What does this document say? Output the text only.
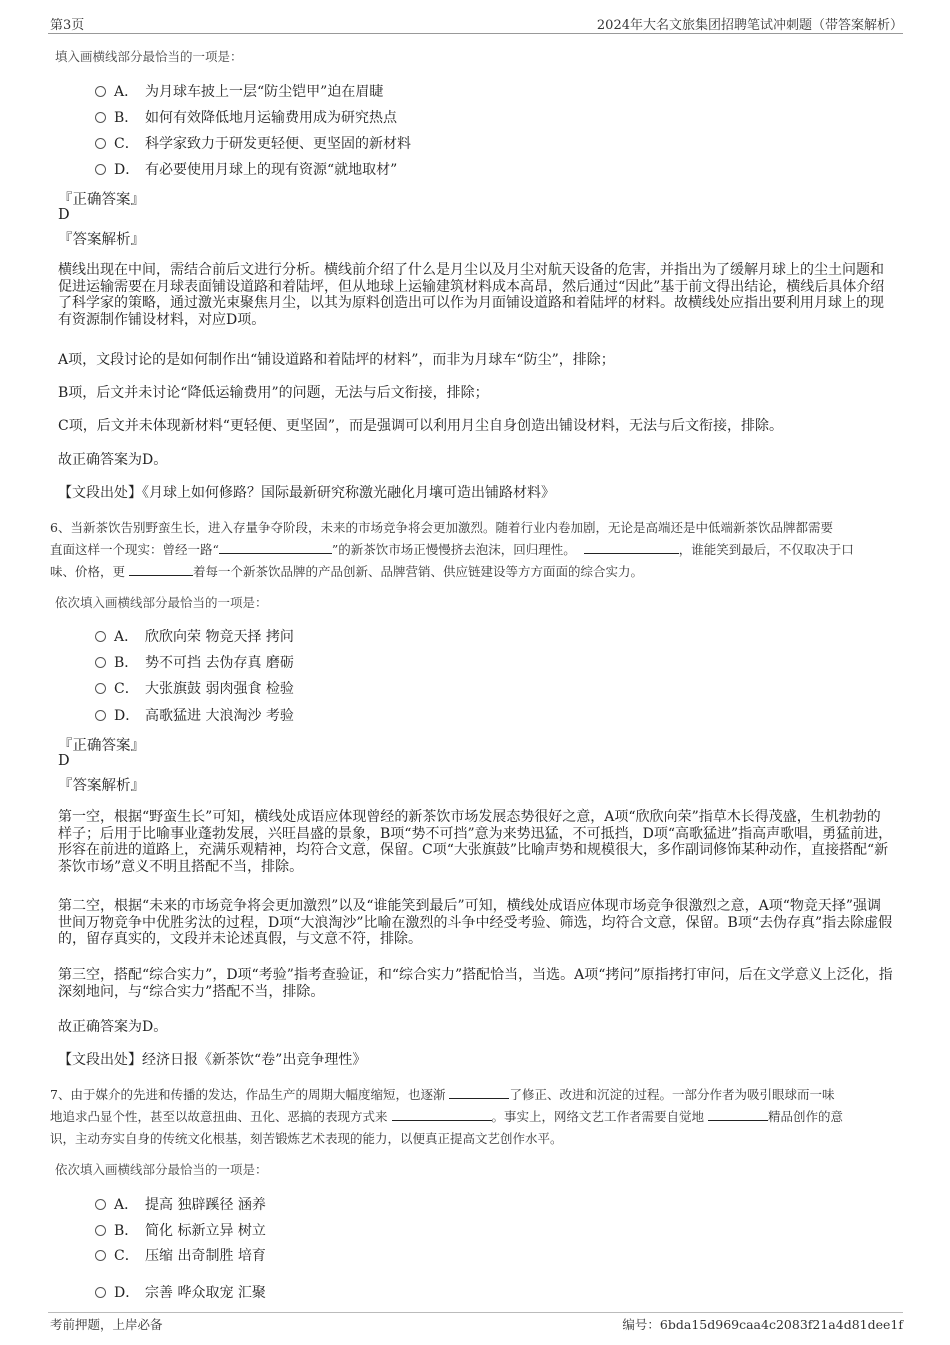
第3页	2024年大名文旅集团招聘笔试冲刺题（带答案解析）
填入画横线部分最恰当的一项是：
A． 为月球车披上一层“防尘铠甲”迫在眉睫
B． 如何有效降低地月运输费用成为研究热点
C． 科学家致力于研发更轻便、更坚固的新材料
D． 有必要使用月球上的现有资源“就地取材”
『正确答案』
D
『答案解析』
横线出现在中间，需结合前后文进行分析。横线前介绍了什么是月尘以及月尘对航天设备的危害，并指出为了缓解月球上的尘土问题和促进运输需要在月球表面铺设道路和着陆坪，但从地球上运输建筑材料成本高昂，然后通过“因此”基于前文得出结论，横线后具体介绍了科学家的策略，通过激光束聚焦月尘，以其为原料创造出可以作为月面铺设道路和着陆坪的材料。故横线处应指出要利用月球上的现有资源制作铺设材料，对应D项。
A项，文段讨论的是如何制作出“铺设道路和着陆坪的材料”，而非为月球车“防尘”，排除；
B项，后文并未讨论“降低运输费用”的问题，无法与后文衔接，排除；
C项，后文并未体现新材料“更轻便、更坚固”，而是强调可以利用月尘自身创造出铺设材料，无法与后文衔接，排除。
故正确答案为D。
【文段出处】《月球上如何修路？国际最新研究称激光融化月壤可造出铺路材料》
6、当新茶饮告别野蛮生长，进入存量争夺阶段，未来的市场竞争将会更加激烈。随着行业内卷加剧，无论是高端还是中低端新茶饮品牌都需要
直面这样一个现实：曾经一路“	”的新茶饮市场正慢慢挤去泡沫，回归理性。	，谁能笑到最后，不仅取决于口
味、价格，更	着每一个新茶饮品牌的产品创新、品牌营销、供应链建设等方方面面的综合实力。
依次填入画横线部分最恰当的一项是：
A． 欣欣向荣 物竞天择 拷问
B． 势不可挡 去伪存真 磨砺
C． 大张旗鼓 弱肉强食 检验
D． 高歌猛进 大浪淘沙 考验
『正确答案』
D
『答案解析』
第一空，根据“野蛮生长”可知，横线处成语应体现曾经的新茶饮市场发展态势很好之意，A项“欣欣向荣”指草木长得茂盛，生机勃勃的样子；后用于比喻事业蓬勃发展，兴旺昌盛的景象，B项“势不可挡”意为来势迅猛，不可抵挡，D项“高歌猛进”指高声歌唱，勇猛前进，形容在前进的道路上，充满乐观精神，均符合文意，保留。C项“大张旗鼓”比喻声势和规模很大，多作副词修饰某种动作，直接搭配“新茶饮市场”意义不明且搭配不当，排除。
第二空，根据“未来的市场竞争将会更加激烈”以及“谁能笑到最后”可知，横线处成语应体现市场竞争很激烈之意，A项“物竞天择”强调世间万物竞争中优胜劣汰的过程，D项“大浪淘沙”比喻在激烈的斗争中经受考验、筛选，均符合文意，保留。B项“去伪存真”指去除虚假的，留存真实的，文段并未论述真假，与文意不符，排除。
第三空，搭配“综合实力”，D项“考验”指考查验证，和“综合实力”搭配恰当，当选。A项“拷问”原指拷打审问，后在文学意义上泛化，指深刻地问，与“综合实力”搭配不当，排除。
故正确答案为D。
【文段出处】经济日报《新茶饮“卷”出竞争理性》
7、由于媒介的先进和传播的发达，作品生产的周期大幅度缩短，也逐渐	了修正、改进和沉淀的过程。一部分作者为吸引眼球而一味
地追求凸显个性，甚至以故意扭曲、丑化、恶搞的表现方式来	。事实上，网络文艺工作者需要自觉地	精品创作的意
识，主动夯实自身的传统文化根基，刻苦锻炼艺术表现的能力，以便真正提高文艺创作水平。
依次填入画横线部分最恰当的一项是：
A． 提高 独辟蹊径 涵养
B． 简化 标新立异 树立
C． 压缩 出奇制胜 培育
D． 宗善 哗众取宠 汇聚
考前押题，上岸必备	编号：6bda15d969caa4c2083f21a4d81dee1f
